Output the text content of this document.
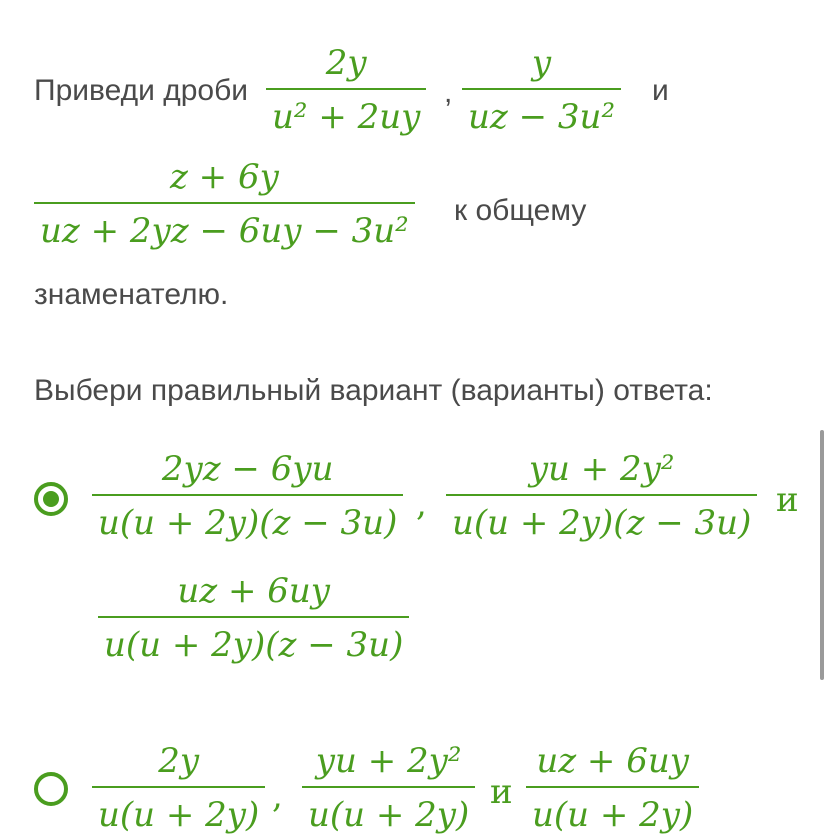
Приведи дроби
2y
u² + 2uy
,
y
uz − 3u²
и
z + 6y
uz + 2yz − 6uy − 3u²
к общему
знаменателю.
Выбери правильный вариант (варианты) ответа:
2yz − 6yu
u(u + 2y)(z − 3u) ,
yu + 2y²
u(u + 2y)(z − 3u)
и
uz + 6uy
u(u + 2y)(z − 3u)
2y
u(u + 2y) ,
yu + 2y²
u(u + 2y)
и
uz + 6uy
u(u + 2y)
